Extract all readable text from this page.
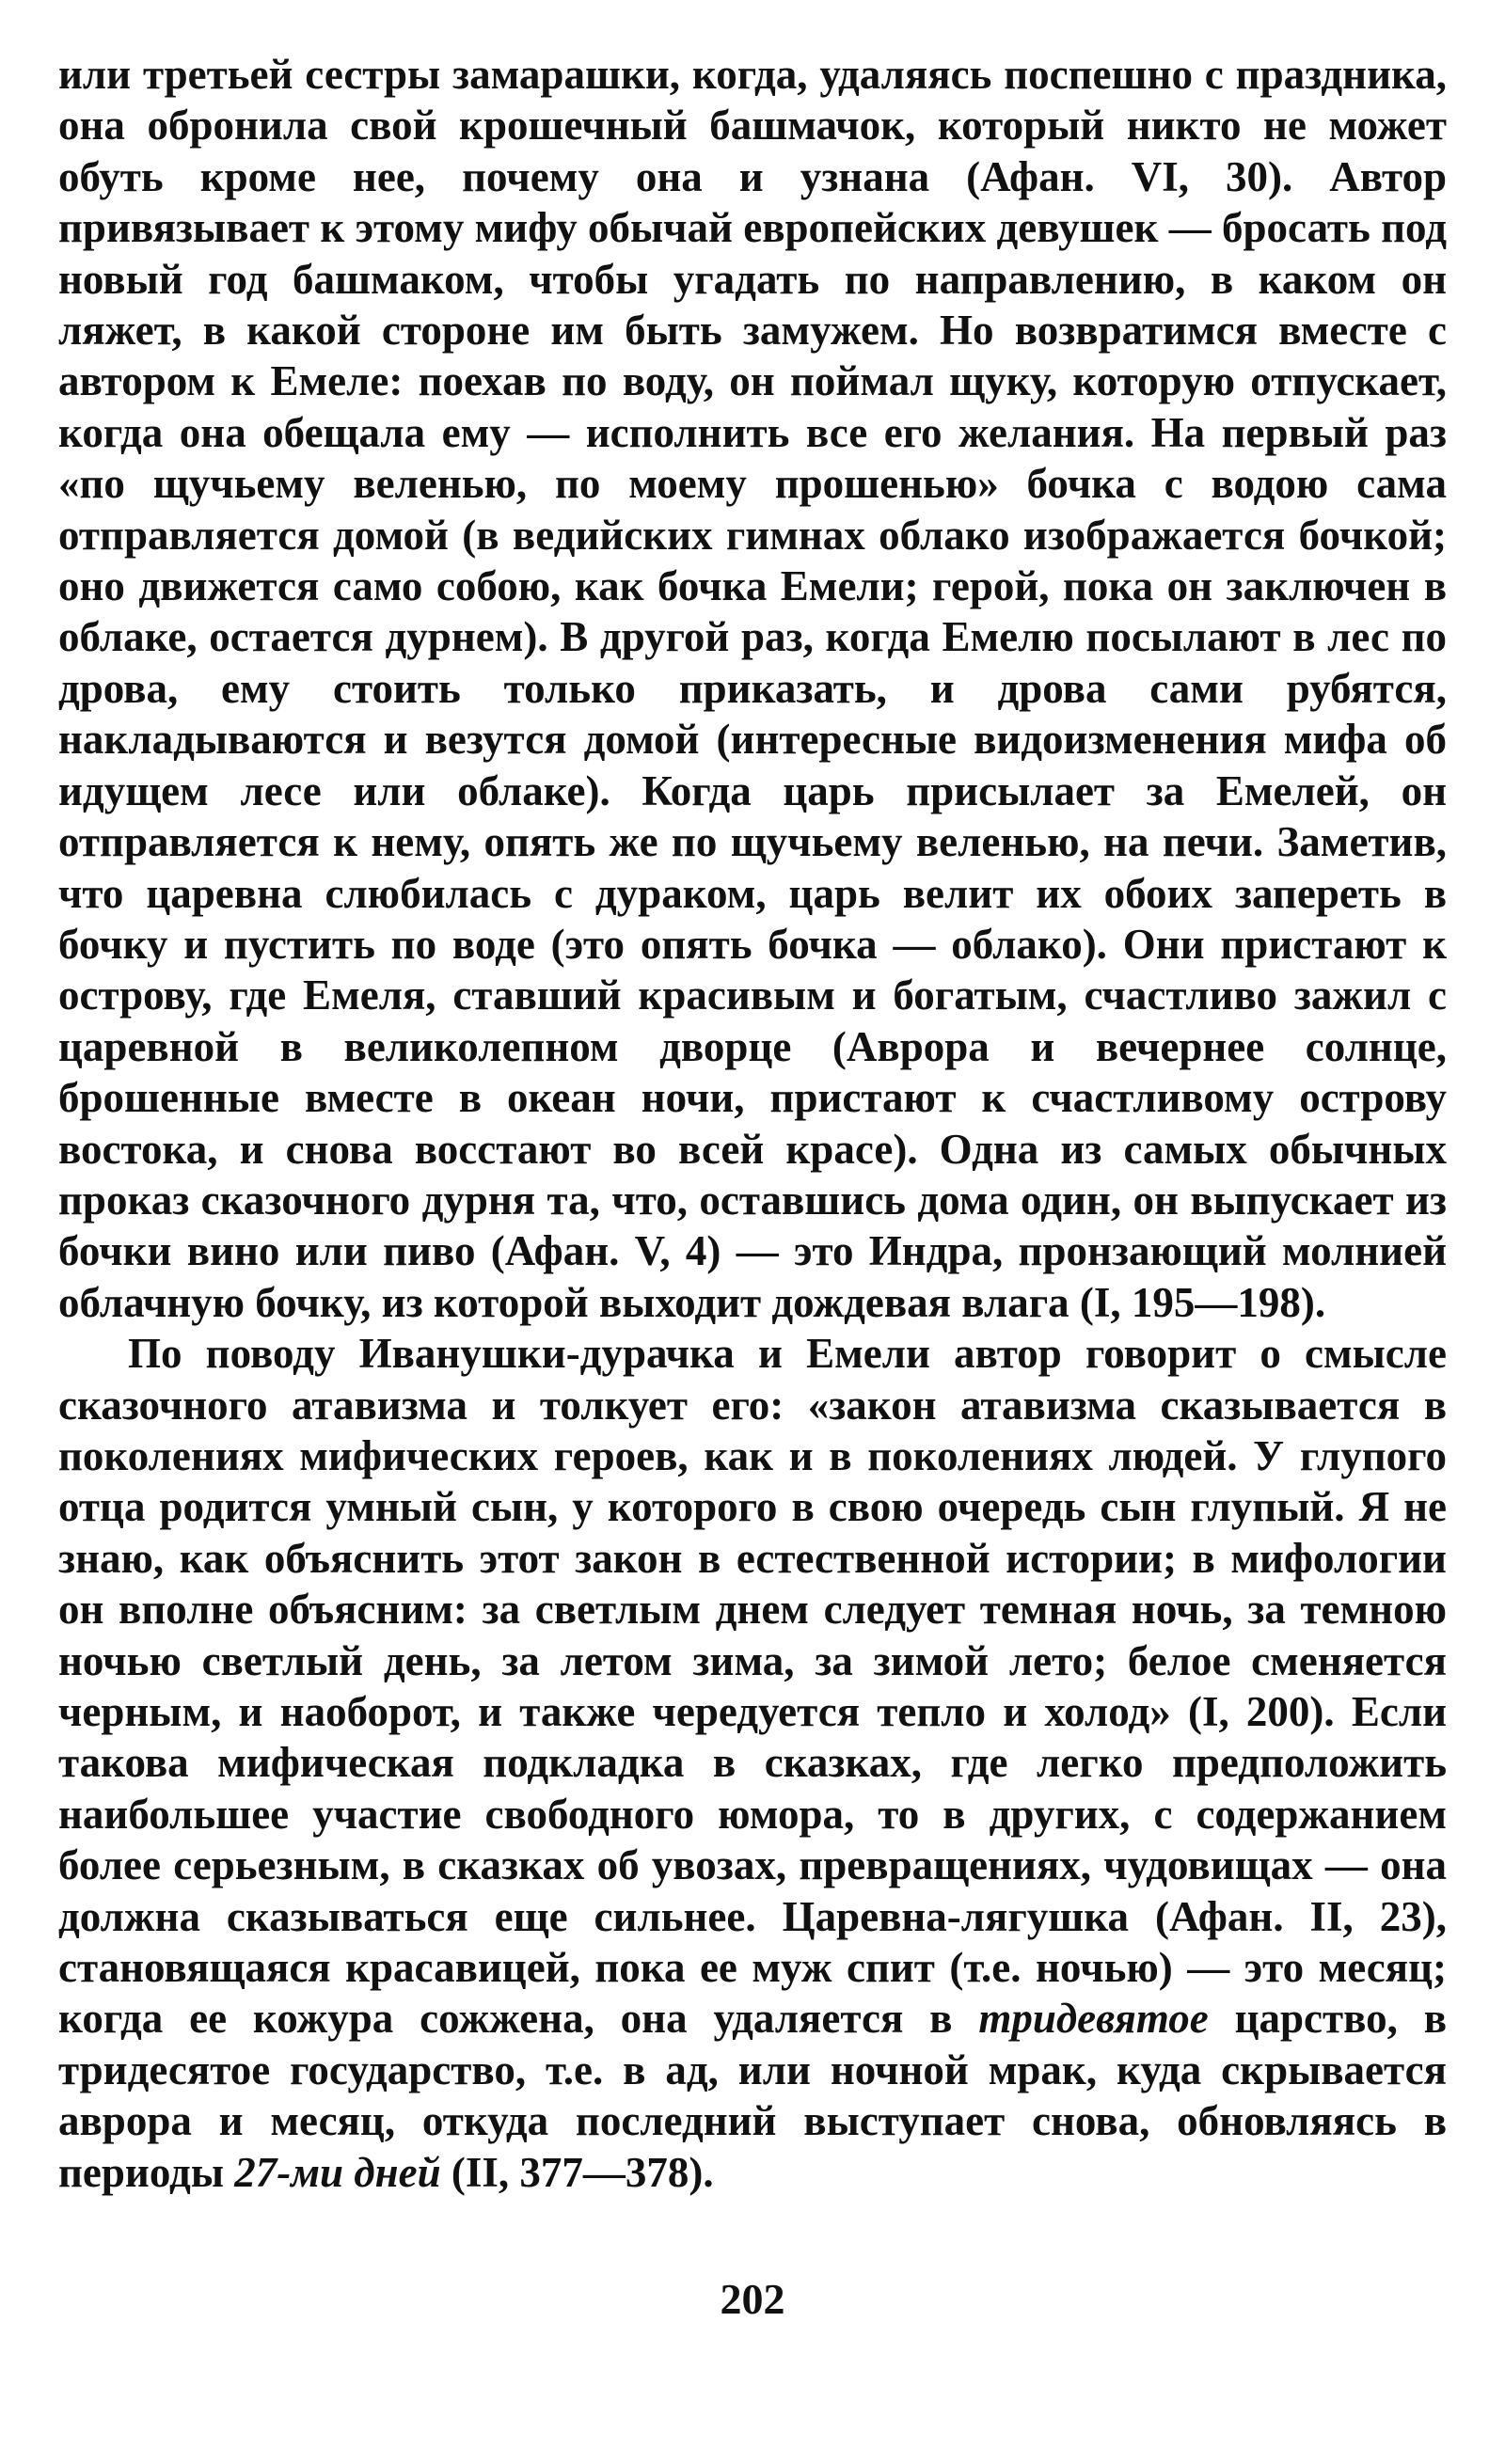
или третьей сестры замарашки, когда, удаляясь поспешно с праздника, она обронила свой крошечный башмачок, который никто не может обуть кроме нее, почему она и узнана (Афан. VI, 30). Автор привязывает к этому мифу обычай европейских девушек — бросать под новый год башмаком, чтобы угадать по направлению, в каком он ляжет, в какой стороне им быть замужем. Но возвратимся вместе с автором к Емеле: поехав по воду, он поймал щуку, которую отпускает, когда она обещала ему — исполнить все его желания. На первый раз «по щучьему веленью, по моему прошенью» бочка с водою сама отправляется домой (в ведийских гимнах облако изображается бочкой; оно движется само собою, как бочка Емели; герой, пока он заключен в облаке, остается дурнем). В другой раз, когда Емелю посылают в лес по дрова, ему стоить только приказать, и дрова сами рубятся, накладываются и везутся домой (интересные видоизменения мифа об идущем лесе или облаке). Когда царь присылает за Емелей, он отправляется к нему, опять же по щучьему веленью, на печи. Заметив, что царевна слюбилась с дураком, царь велит их обоих запереть в бочку и пустить по воде (это опять бочка — облако). Они пристают к острову, где Емеля, ставший красивым и богатым, счастливо зажил с царевной в великолепном дворце (Аврора и вечернее солнце, брошенные вместе в океан ночи, пристают к счастливому острову востока, и снова восстают во всей красе). Одна из самых обычных проказ сказочного дурня та, что, оставшись дома один, он выпускает из бочки вино или пиво (Афан. V, 4) — это Индра, пронзающий молнией облачную бочку, из которой выходит дождевая влага (I, 195—198).

По поводу Иванушки-дурачка и Емели автор говорит о смысле сказочного атавизма и толкует его: «закон атавизма сказывается в поколениях мифических героев, как и в поколениях людей. У глупого отца родится умный сын, у которого в свою очередь сын глупый. Я не знаю, как объяснить этот закон в естественной истории; в мифологии он вполне объясним: за светлым днем следует темная ночь, за темною ночью светлый день, за летом зима, за зимой лето; белое сменяется черным, и наоборот, и также чередуется тепло и холод» (I, 200). Если такова мифическая подкладка в сказках, где легко предположить наибольшее участие свободного юмора, то в других, с содержанием более серьезным, в сказках об увозах, превращениях, чудовищах — она должна сказываться еще сильнее. Царевна-лягушка (Афан. II, 23), становящаяся красавицей, пока ее муж спит (т.е. ночью) — это месяц; когда ее кожура сожжена, она удаляется в тридевятое царство, в тридесятое государство, т.е. в ад, или ночной мрак, куда скрывается аврора и месяц, откуда последний выступает снова, обновляясь в периоды 27-ми дней (II, 377—378).

202
